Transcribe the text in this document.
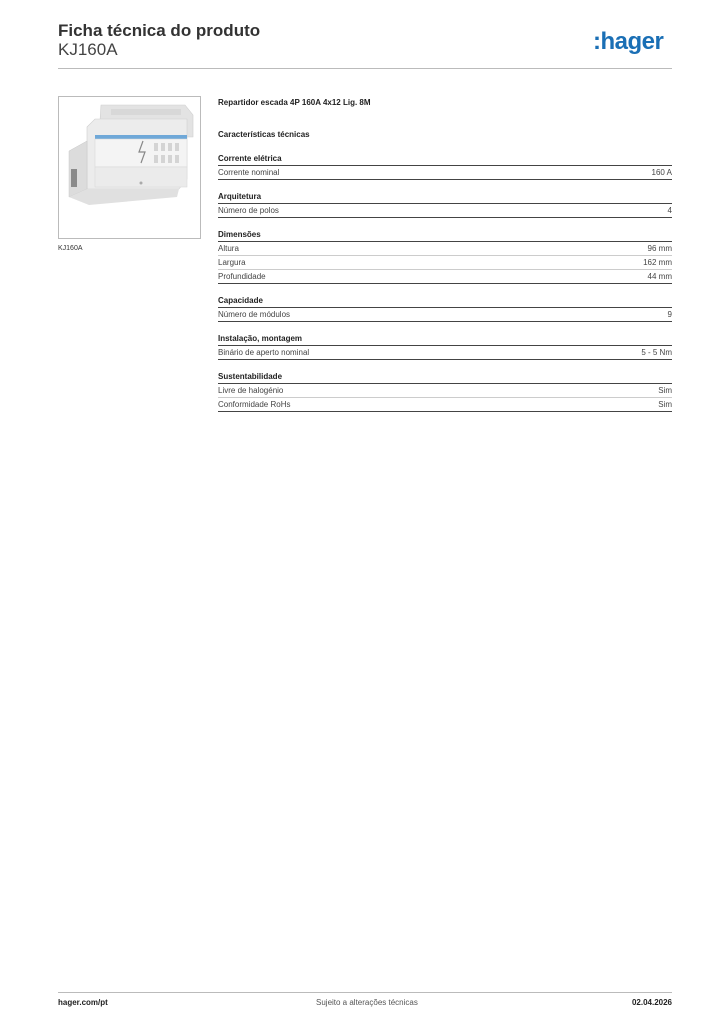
Ficha técnica do produto
KJ160A	:hager
KJ160A
Repartidor escada 4P 160A 4x12 Lig. 8M
Características técnicas
Corrente elétrica
Corrente nominal	160 A
Arquitetura
Número de polos	4
Dimensões
Altura	96 mm
Largura	162 mm
Profundidade	44 mm
Capacidade
Número de módulos	9
Instalação, montagem
Binário de aperto nominal	5 - 5 Nm
Sustentabilidade
Livre de halogénio	Sim
Conformidade RoHs	Sim
hager.com/pt	Sujeito a alterações técnicas	02.04.2026
